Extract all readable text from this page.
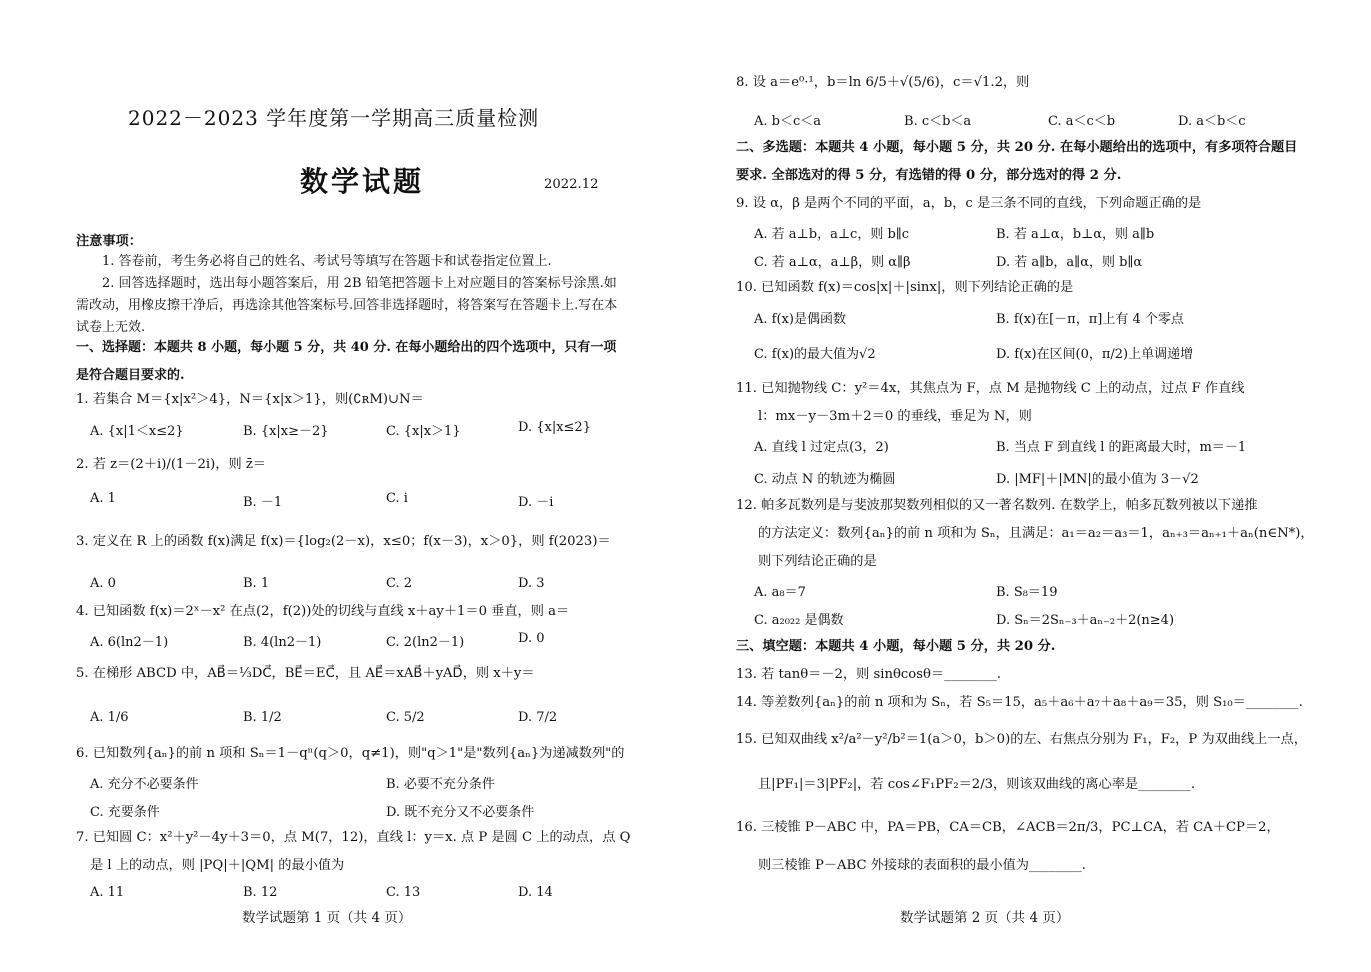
2022－2023 学年度第一学期高三质量检测
数学试题	2022.12
注意事项：
1. 答卷前，考生务必将自己的姓名、考试号等填写在答题卡和试卷指定位置上.
2. 回答选择题时，选出每小题答案后，用 2B 铅笔把答题卡上对应题目的答案标号涂黑.如需改动，用橡皮擦干净后，再选涂其他答案标号.回答非选择题时，将答案写在答题卡上.写在本试卷上无效.
一、选择题：本题共 8 小题，每小题 5 分，共 40 分. 在每小题给出的四个选项中，只有一项是符合题目要求的.
1. 若集合 M＝{x|x²＞4}，N＝{x|x＞1}，则(∁ʀM)∪N＝
A. {x|1＜x≤2}	B. {x|x≥－2}	C. {x|x＞1}	D. {x|x≤2}
2. 若 z＝(2＋i)/(1－2i)，则 z̄＝
A. 1	B. －1	C. i	D. －i
3. 定义在 R 上的函数 f(x)满足 f(x)＝{log₂(2－x)，x≤0；f(x－3)，x＞0}，则 f(2023)＝
A. 0	B. 1	C. 2	D. 3
4. 已知函数 f(x)＝2ˣ－x² 在点(2，f(2))处的切线与直线 x＋ay＋1＝0 垂直，则 a＝
A. 6(ln2－1)	B. 4(ln2－1)	C. 2(ln2－1)	D. 0
5. 在梯形 ABCD 中，AB⃗＝⅓DC⃗，BE⃗＝EC⃗，且 AE⃗＝xAB⃗＋yAD⃗，则 x＋y＝
A. 1/6	B. 1/2	C. 5/2	D. 7/2
6. 已知数列{aₙ}的前 n 项和 Sₙ＝1－qⁿ(q＞0，q≠1)，则"q＞1"是"数列{aₙ}为递减数列"的
A. 充分不必要条件	B. 必要不充分条件
C. 充要条件	D. 既不充分又不必要条件
7. 已知圆 C：x²＋y²－4y＋3＝0，点 M(7，12)，直线 l：y＝x. 点 P 是圆 C 上的动点，点 Q
是 l 上的动点，则 |PQ|＋|QM| 的最小值为
A. 11	B. 12	C. 13	D. 14
数学试题第 1 页（共 4 页）
8. 设 a＝e⁰·¹，b＝ln 6/5＋√(5/6)，c＝√1.2，则
A. b＜c＜a	B. c＜b＜a	C. a＜c＜b	D. a＜b＜c
二、多选题：本题共 4 小题，每小题 5 分，共 20 分. 在每小题给出的选项中，有多项符合题目
要求. 全部选对的得 5 分，有选错的得 0 分，部分选对的得 2 分.
9. 设 α，β 是两个不同的平面，a，b，c 是三条不同的直线，下列命题正确的是
A. 若 a⊥b，a⊥c，则 b∥c	B. 若 a⊥α，b⊥α，则 a∥b
C. 若 a⊥α，a⊥β，则 α∥β	D. 若 a∥b，a∥α，则 b∥α
10. 已知函数 f(x)＝cos|x|＋|sinx|，则下列结论正确的是
A. f(x)是偶函数	B. f(x)在[－π，π]上有 4 个零点
C. f(x)的最大值为√2	D. f(x)在区间(0，π/2)上单调递增
11. 已知抛物线 C：y²＝4x，其焦点为 F，点 M 是抛物线 C 上的动点，过点 F 作直线
l：mx－y－3m＋2＝0 的垂线，垂足为 N，则
A. 直线 l 过定点(3，2)	B. 当点 F 到直线 l 的距离最大时，m＝－1
C. 动点 N 的轨迹为椭圆	D. |MF|＋|MN|的最小值为 3－√2
12. 帕多瓦数列是与斐波那契数列相似的又一著名数列. 在数学上，帕多瓦数列被以下递推
的方法定义：数列{aₙ}的前 n 项和为 Sₙ，且满足：a₁＝a₂＝a₃＝1，aₙ₊₃＝aₙ₊₁＋aₙ(n∈N*)，
则下列结论正确的是
A. a₈＝7	B. S₈＝19
C. a₂₀₂₂ 是偶数	D. Sₙ＝2Sₙ₋₃＋aₙ₋₂＋2(n≥4)
三、填空题：本题共 4 小题，每小题 5 分，共 20 分.
13. 若 tanθ＝－2，则 sinθcosθ＝________.
14. 等差数列{aₙ}的前 n 项和为 Sₙ，若 S₅＝15，a₅＋a₆＋a₇＋a₈＋a₉＝35，则 S₁₀＝________.
15. 已知双曲线 x²/a²－y²/b²＝1(a＞0，b＞0)的左、右焦点分别为 F₁，F₂，P 为双曲线上一点，
且|PF₁|＝3|PF₂|，若 cos∠F₁PF₂＝2/3，则该双曲线的离心率是________.
16. 三棱锥 P－ABC 中，PA＝PB，CA＝CB，∠ACB＝2π/3，PC⊥CA，若 CA＋CP＝2，
则三棱锥 P－ABC 外接球的表面积的最小值为________.
数学试题第 2 页（共 4 页）
